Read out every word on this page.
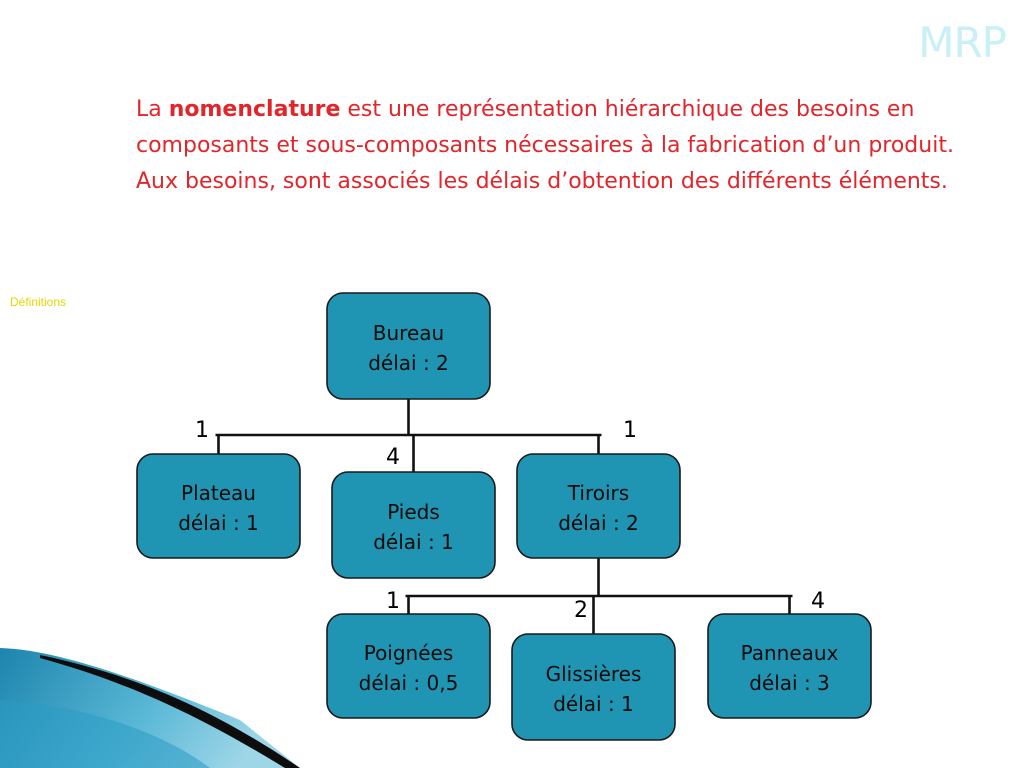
MRP

La nomenclature est une représentation hiérarchique des besoins en composants et sous-composants nécessaires à la fabrication d’un produit.

Aux besoins, sont associés les délais d’obtention des différents éléments.

Définitions
1
4
1
1	2	4
Bureau
délai : 2
Plateau
délai : 1	Pieds
délai : 1
Tiroirs
délai : 2
Poignées
délai : 0,5	Glissières
délai : 1
Panneaux
délai : 3
